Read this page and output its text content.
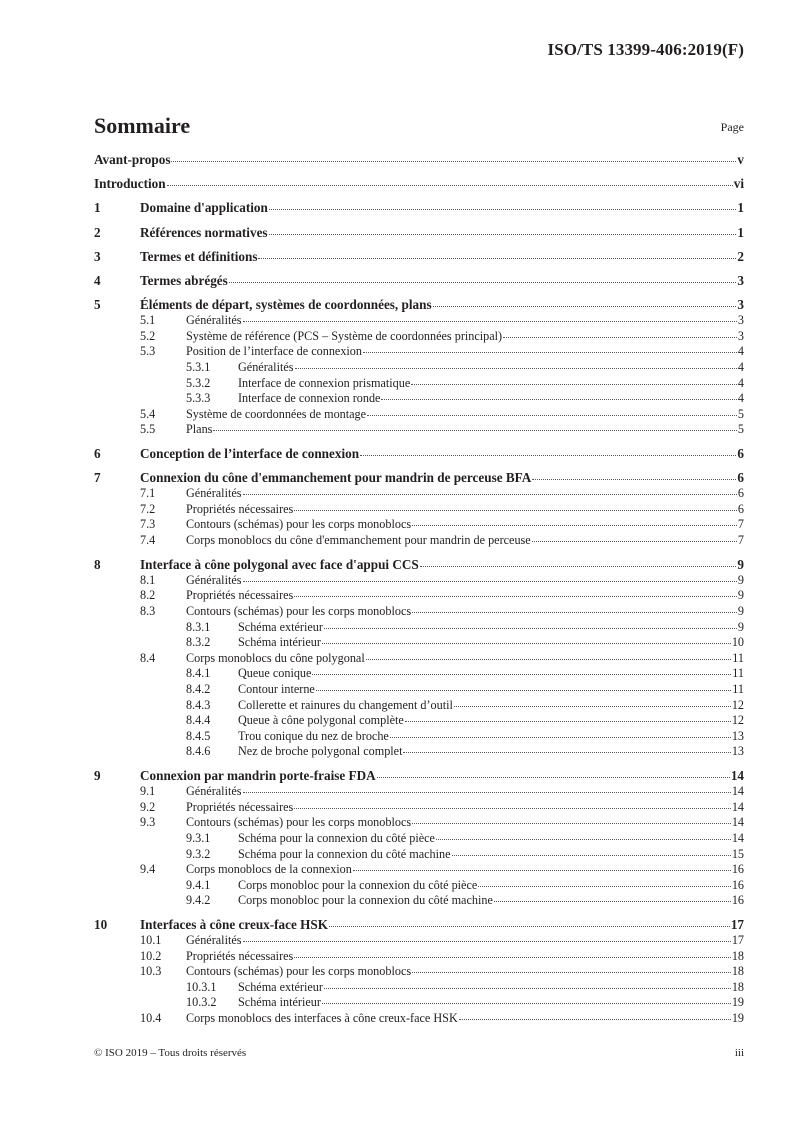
ISO/TS 13399-406:2019(F)
Sommaire	Page
Avant-propos	v
Introduction	vi
1	Domaine d'application	1
2	Références normatives	1
3	Termes et définitions	2
4	Termes abrégés	3
5	Éléments de départ, systèmes de coordonnées, plans	3
5.1	Généralités	3
5.2	Système de référence (PCS – Système de coordonnées principal)	3
5.3	Position de l’interface de connexion	4
5.3.1	Généralités	4
5.3.2	Interface de connexion prismatique	4
5.3.3	Interface de connexion ronde	4
5.4	Système de coordonnées de montage	5
5.5	Plans	5
6	Conception de l’interface de connexion	6
7	Connexion du cône d'emmanchement pour mandrin de perceuse BFA	6
7.1	Généralités	6
7.2	Propriétés nécessaires	6
7.3	Contours (schémas) pour les corps monoblocs	7
7.4	Corps monoblocs du cône d'emmanchement pour mandrin de perceuse	7
8	Interface à cône polygonal avec face d'appui CCS	9
8.1	Généralités	9
8.2	Propriétés nécessaires	9
8.3	Contours (schémas) pour les corps monoblocs	9
8.3.1	Schéma extérieur	9
8.3.2	Schéma intérieur	10
8.4	Corps monoblocs du cône polygonal	11
8.4.1	Queue conique	11
8.4.2	Contour interne	11
8.4.3	Collerette et rainures du changement d’outil	12
8.4.4	Queue à cône polygonal complète	12
8.4.5	Trou conique du nez de broche	13
8.4.6	Nez de broche polygonal complet	13
9	Connexion par mandrin porte-fraise FDA	14
9.1	Généralités	14
9.2	Propriétés nécessaires	14
9.3	Contours (schémas) pour les corps monoblocs	14
9.3.1	Schéma pour la connexion du côté pièce	14
9.3.2	Schéma pour la connexion du côté machine	15
9.4	Corps monoblocs de la connexion	16
9.4.1	Corps monobloc pour la connexion du côté pièce	16
9.4.2	Corps monobloc pour la connexion du côté machine	16
10	Interfaces à cône creux-face HSK	17
10.1	Généralités	17
10.2	Propriétés nécessaires	18
10.3	Contours (schémas) pour les corps monoblocs	18
10.3.1	Schéma extérieur	18
10.3.2	Schéma intérieur	19
10.4	Corps monoblocs des interfaces à cône creux-face HSK	19
© ISO 2019 – Tous droits réservés	iii
